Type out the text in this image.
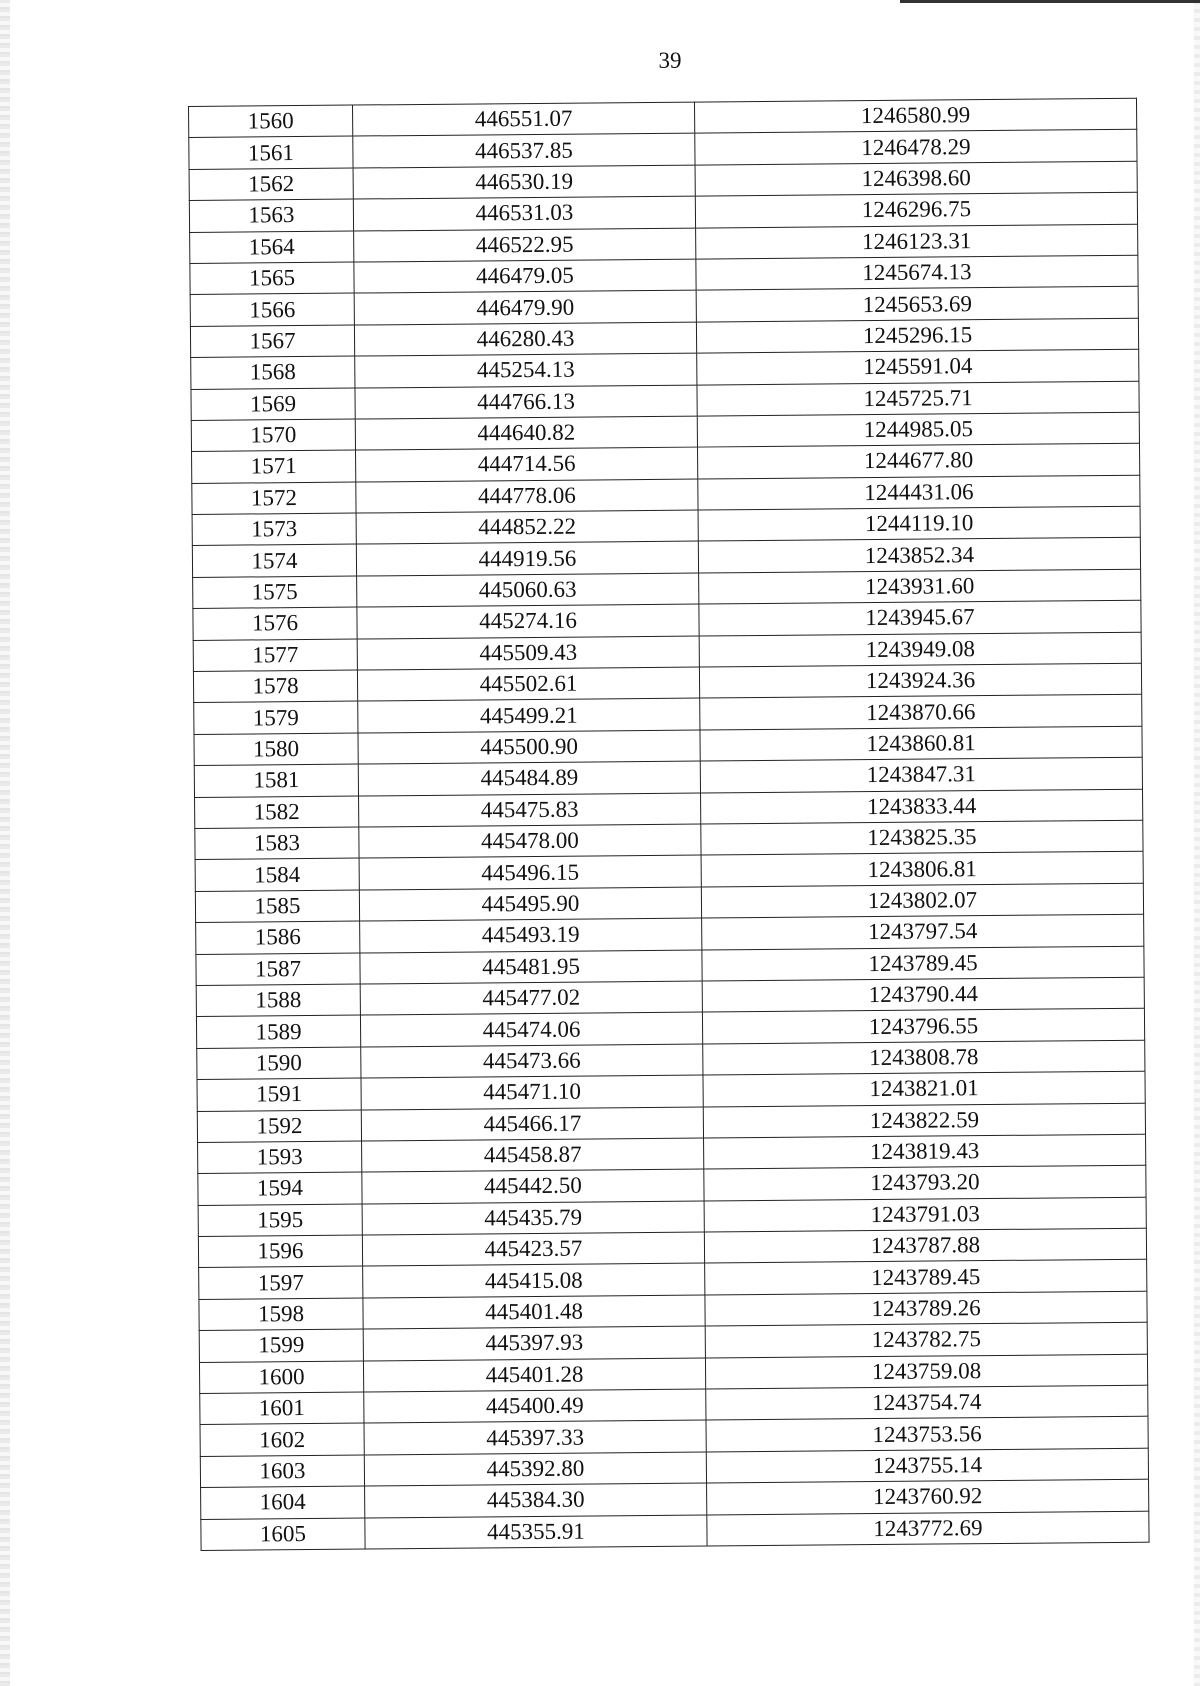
39
1560	446551.07	1246580.99
1561	446537.85	1246478.29
1562	446530.19	1246398.60
1563	446531.03	1246296.75
1564	446522.95	1246123.31
1565	446479.05	1245674.13
1566	446479.90	1245653.69
1567	446280.43	1245296.15
1568	445254.13	1245591.04
1569	444766.13	1245725.71
1570	444640.82	1244985.05
1571	444714.56	1244677.80
1572	444778.06	1244431.06
1573	444852.22	1244119.10
1574	444919.56	1243852.34
1575	445060.63	1243931.60
1576	445274.16	1243945.67
1577	445509.43	1243949.08
1578	445502.61	1243924.36
1579	445499.21	1243870.66
1580	445500.90	1243860.81
1581	445484.89	1243847.31
1582	445475.83	1243833.44
1583	445478.00	1243825.35
1584	445496.15	1243806.81
1585	445495.90	1243802.07
1586	445493.19	1243797.54
1587	445481.95	1243789.45
1588	445477.02	1243790.44
1589	445474.06	1243796.55
1590	445473.66	1243808.78
1591	445471.10	1243821.01
1592	445466.17	1243822.59
1593	445458.87	1243819.43
1594	445442.50	1243793.20
1595	445435.79	1243791.03
1596	445423.57	1243787.88
1597	445415.08	1243789.45
1598	445401.48	1243789.26
1599	445397.93	1243782.75
1600	445401.28	1243759.08
1601	445400.49	1243754.74
1602	445397.33	1243753.56
1603	445392.80	1243755.14
1604	445384.30	1243760.92
1605	445355.91	1243772.69
